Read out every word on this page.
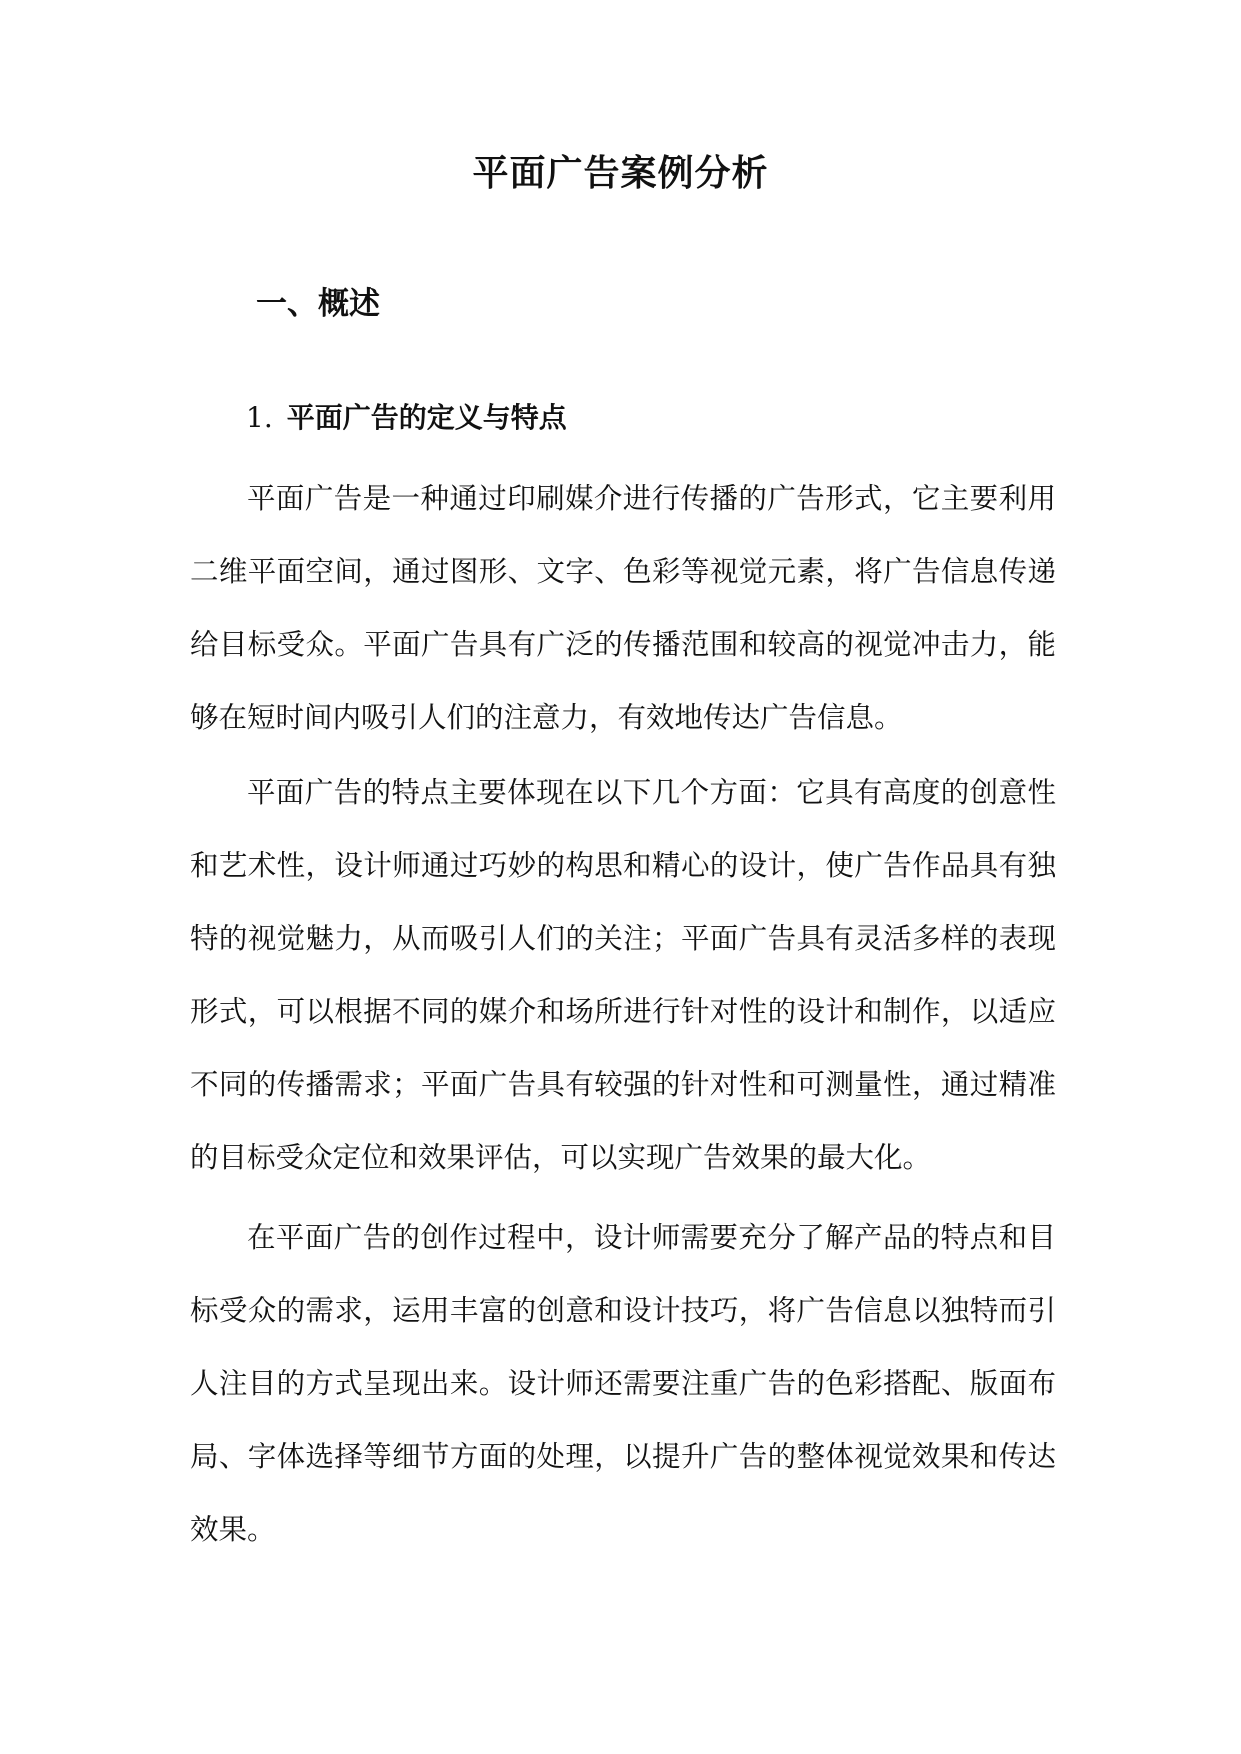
平面广告案例分析
一、概述
1. 平面广告的定义与特点

平面广告是一种通过印刷媒介进行传播的广告形式，它主要利用二维平面空间，通过图形、文字、色彩等视觉元素，将广告信息传递给目标受众。平面广告具有广泛的传播范围和较高的视觉冲击力，能够在短时间内吸引人们的注意力，有效地传达广告信息。

平面广告的特点主要体现在以下几个方面：它具有高度的创意性和艺术性，设计师通过巧妙的构思和精心的设计，使广告作品具有独特的视觉魅力，从而吸引人们的关注；平面广告具有灵活多样的表现形式，可以根据不同的媒介和场所进行针对性的设计和制作，以适应不同的传播需求；平面广告具有较强的针对性和可测量性，通过精准的目标受众定位和效果评估，可以实现广告效果的最大化。

在平面广告的创作过程中，设计师需要充分了解产品的特点和目标受众的需求，运用丰富的创意和设计技巧，将广告信息以独特而引人注目的方式呈现出来。设计师还需要注重广告的色彩搭配、版面布局、字体选择等细节方面的处理，以提升广告的整体视觉效果和传达效果。
